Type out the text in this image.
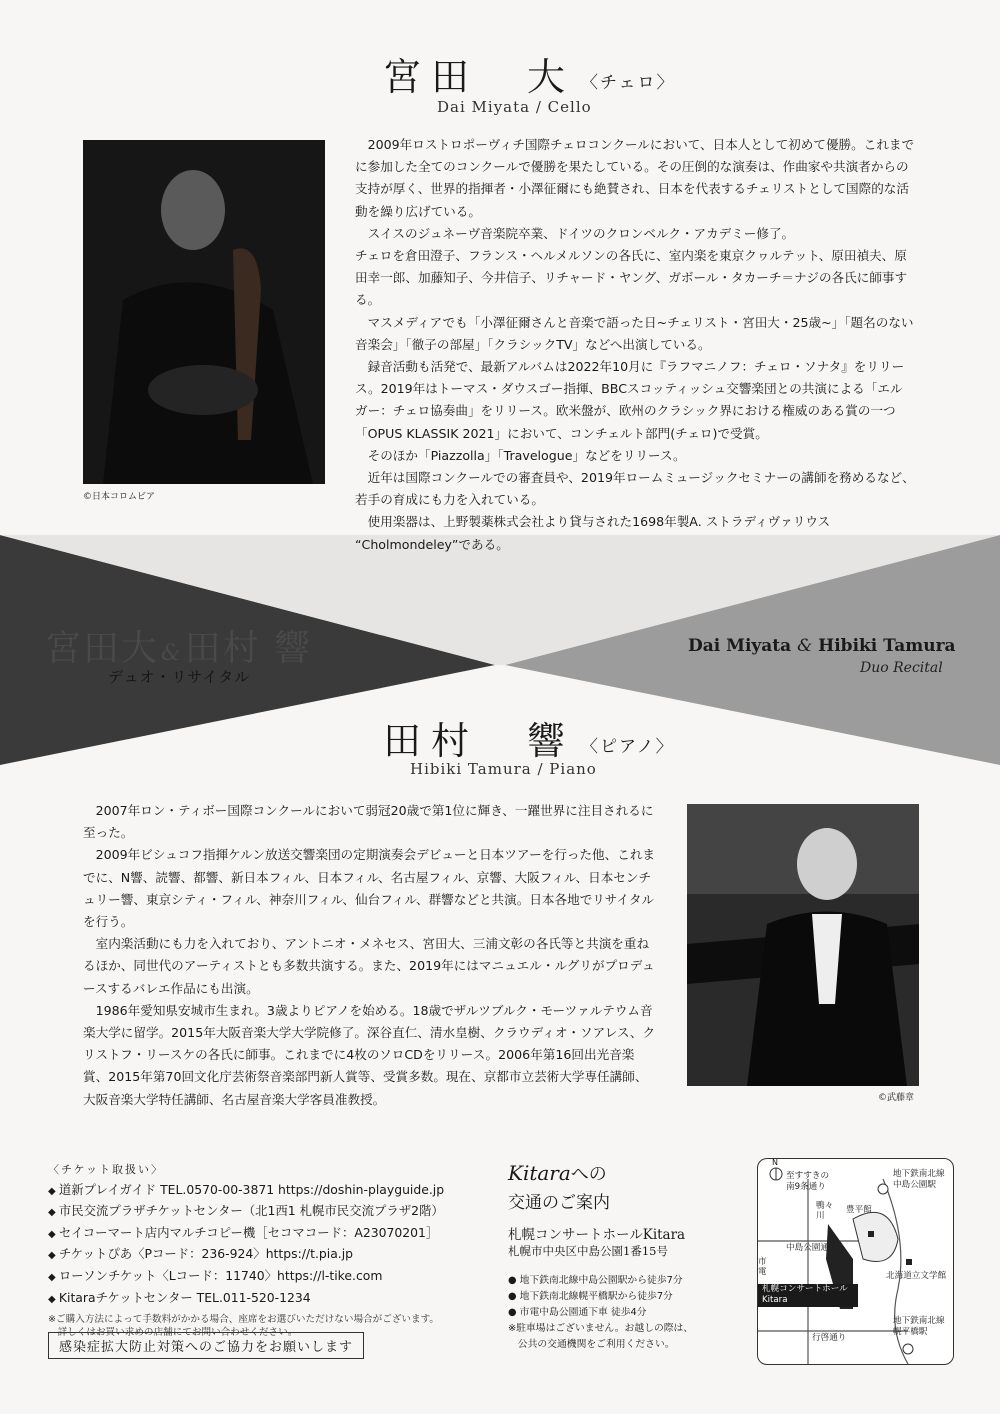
宮田　大 〈チェロ〉
Dai Miyata / Cello
©日本コロムビア

2009年ロストロポーヴィチ国際チェロコンクールにおいて、日本人として初めて優勝。これまでに参加した全てのコンクールで優勝を果たしている。その圧倒的な演奏は、作曲家や共演者からの支持が厚く、世界的指揮者・小澤征爾にも絶賛され、日本を代表するチェリストとして国際的な活動を繰り広げている。

スイスのジュネーヴ音楽院卒業、ドイツのクロンベルク・アカデミー修了。

チェロを倉田澄子、フランス・ヘルメルソンの各氏に、室内楽を東京クヮルテット、原田禎夫、原田幸一郎、加藤知子、今井信子、リチャード・ヤング、ガボール・タカーチ＝ナジの各氏に師事する。

マスメディアでも「小澤征爾さんと音楽で語った日~チェリスト・宮田大・25歳~」「題名のない音楽会」「徹子の部屋」「クラシックTV」などへ出演している。

録音活動も活発で、最新アルバムは2022年10月に『ラフマニノフ：チェロ・ソナタ』をリリース。2019年はトーマス・ダウスゴー指揮、BBCスコッティッシュ交響楽団との共演による「エルガー：チェロ協奏曲」をリリース。欧米盤が、欧州のクラシック界における権威のある賞の一つ「OPUS KLASSIK 2021」において、コンチェルト部門(チェロ)で受賞。

そのほか「Piazzolla」「Travelogue」などをリリース。

近年は国際コンクールでの審査員や、2019年ロームミュージックセミナーの講師を務めるなど、若手の育成にも力を入れている。

使用楽器は、上野製薬株式会社より貸与された1698年製A. ストラディヴァリウス “Cholmondeley”である。

宮田大&田村 響
デュオ・リサイタル
Dai Miyata & Hibiki Tamura
Duo Recital
田村　響 〈ピアノ〉
Hibiki Tamura / Piano

2007年ロン・ティボー国際コンクールにおいて弱冠20歳で第1位に輝き、一躍世界に注目されるに至った。

2009年ビシュコフ指揮ケルン放送交響楽団の定期演奏会デビューと日本ツアーを行った他、これまでに、N響、読響、都響、新日本フィル、日本フィル、名古屋フィル、京響、大阪フィル、日本センチュリー響、東京シティ・フィル、神奈川フィル、仙台フィル、群響などと共演。日本各地でリサイタルを行う。

室内楽活動にも力を入れており、アントニオ・メネセス、宮田大、三浦文彰の各氏等と共演を重ねるほか、同世代のアーティストとも多数共演する。また、2019年にはマニュエル・ルグリがプロデュースするバレエ作品にも出演。

1986年愛知県安城市生まれ。3歳よりピアノを始める。18歳でザルツブルク・モーツァルテウム音楽大学に留学。2015年大阪音楽大学大学院修了。深谷直仁、清水皇樹、クラウディオ・ソアレス、クリストフ・リースケの各氏に師事。これまでに4枚のソロCDをリリース。2006年第16回出光音楽賞、2015年第70回文化庁芸術祭音楽部門新人賞等、受賞多数。現在、京都市立芸術大学専任講師、大阪音楽大学特任講師、名古屋音楽大学客員准教授。	©武藤章
〈チケット取扱い〉
◆ 道新プレイガイド TEL.0570-00-3871 https://doshin-playguide.jp
◆ 市民交流プラザチケットセンター（北1西1 札幌市民交流プラザ2階）
◆ セイコーマート店内マルチコピー機［セコマコード：A23070201］
◆ チケットぴあ〈Pコード：236-924〉https://t.pia.jp
◆ ローソンチケット〈Lコード：11740〉https://l-tike.com
◆ Kitaraチケットセンター TEL.011-520-1234
※ご購入方法によって手数料がかかる場合、座席をお選びいただけない場合がございます。
詳しくはお買い求めの店舗にてお問い合わせください。
感染症拡大防止対策へのご協力をお願いします
Kitaraへの
交通のご案内
札幌コンサートホールKitara
札幌市中央区中島公園1番15号
● 地下鉄南北線中島公園駅から徒歩7分
● 地下鉄南北線幌平橋駅から徒歩7分
● 市電中島公園通下車 徒歩4分
※駐車場はございません。お越しの際は、
公共の交通機関をご利用ください。
N
至すすきの
南9条通り
鴨々川
豊平館
中島公園通
市電
地下鉄南北線中島公園駅
北海道立文学館
札幌コンサートホール
Kitara
行啓通り
地下鉄南北線幌平橋駅
